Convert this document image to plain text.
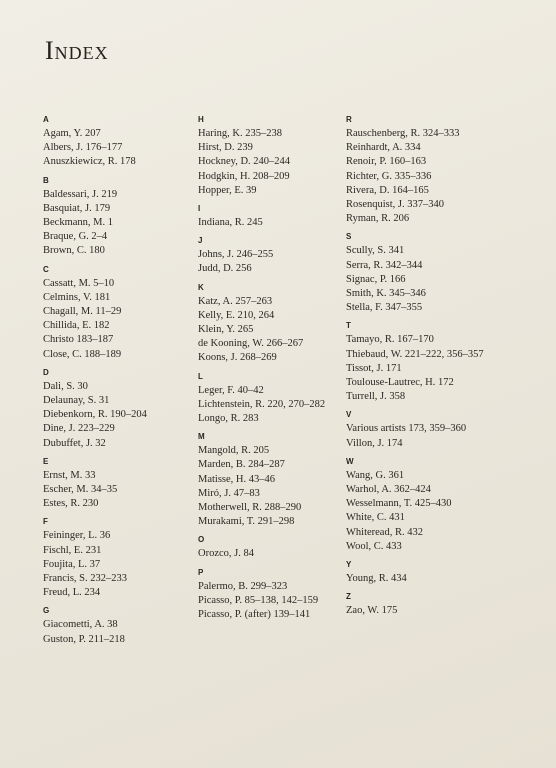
Index
A
Agam, Y. 207
Albers, J. 176–177
Anuszkiewicz, R. 178
B
Baldessari, J. 219
Basquiat, J. 179
Beckmann, M. 1
Braque, G. 2–4
Brown, C. 180
C
Cassatt, M. 5–10
Celmins, V. 181
Chagall, M. 11–29
Chillida, E. 182
Christo 183–187
Close, C. 188–189
D
Dali, S. 30
Delaunay, S. 31
Diebenkorn, R. 190–204
Dine, J. 223–229
Dubuffet, J. 32
E
Ernst, M. 33
Escher, M. 34–35
Estes, R. 230
F
Feininger, L. 36
Fischl, E. 231
Foujita, L. 37
Francis, S. 232–233
Freud, L. 234
G
Giacometti, A. 38
Guston, P. 211–218
H
Haring, K. 235–238
Hirst, D. 239
Hockney, D. 240–244
Hodgkin, H. 208–209
Hopper, E. 39
I
Indiana, R. 245
J
Johns, J. 246–255
Judd, D. 256
K
Katz, A. 257–263
Kelly, E. 210, 264
Klein, Y. 265
de Kooning, W. 266–267
Koons, J. 268–269
L
Leger, F. 40–42
Lichtenstein, R. 220, 270–282
Longo, R. 283
M
Mangold, R. 205
Marden, B. 284–287
Matisse, H. 43–46
Miró, J. 47–83
Motherwell, R. 288–290
Murakami, T. 291–298
O
Orozco, J. 84
P
Palermo, B. 299–323
Picasso, P. 85–138, 142–159
Picasso, P. (after) 139–141
R
Rauschenberg, R. 324–333
Reinhardt, A. 334
Renoir, P. 160–163
Richter, G. 335–336
Rivera, D. 164–165
Rosenquist, J. 337–340
Ryman, R. 206
S
Scully, S. 341
Serra, R. 342–344
Signac, P. 166
Smith, K. 345–346
Stella, F. 347–355
T
Tamayo, R. 167–170
Thiebaud, W. 221–222, 356–357
Tissot, J. 171
Toulouse-Lautrec, H. 172
Turrell, J. 358
V
Various artists 173, 359–360
Villon, J. 174
W
Wang, G. 361
Warhol, A. 362–424
Wesselmann, T. 425–430
White, C. 431
Whiteread, R. 432
Wool, C. 433
Y
Young, R. 434
Z
Zao, W. 175
